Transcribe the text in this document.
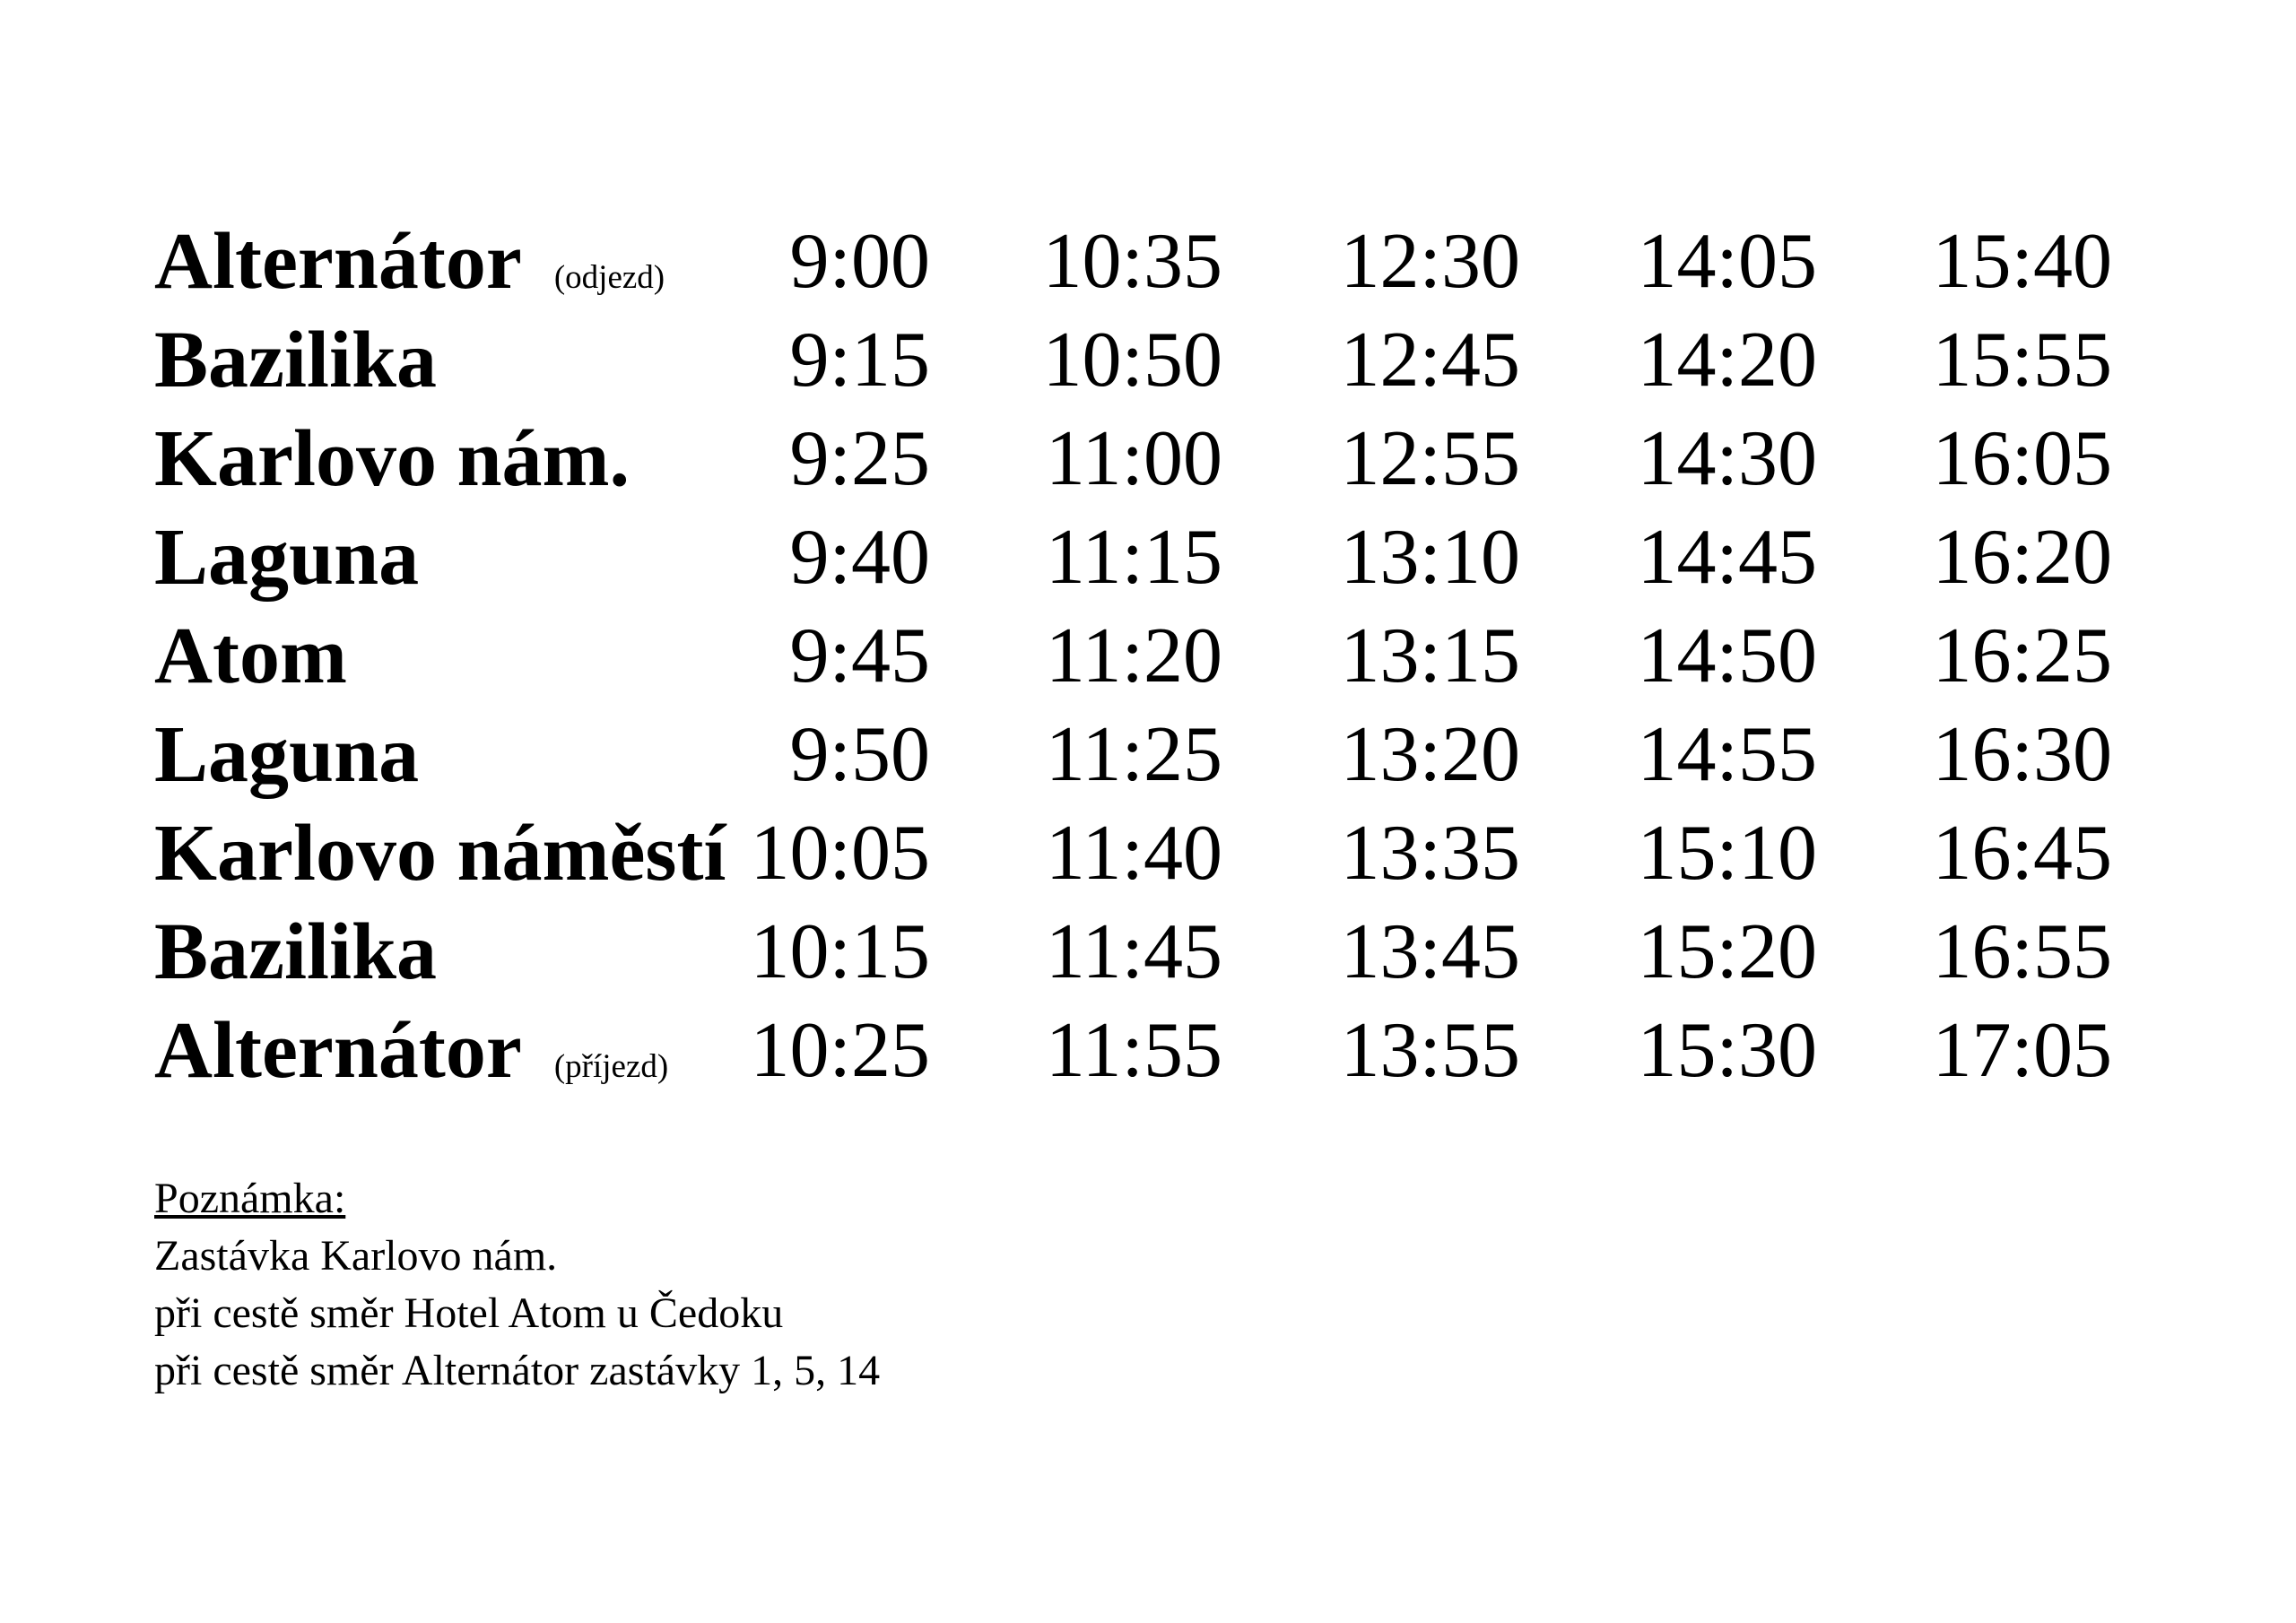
Alternátor (odjezd)	9:00	10:35	12:30	14:05	15:40
Bazilika	9:15	10:50	12:45	14:20	15:55
Karlovo nám.	9:25	11:00	12:55	14:30	16:05
Laguna	9:40	11:15	13:10	14:45	16:20
Atom	9:45	11:20	13:15	14:50	16:25
Laguna	9:50	11:25	13:20	14:55	16:30
Karlovo náměstí 10:05	11:40	13:35	15:10	16:45
Bazilika	10:15	11:45	13:45	15:20	16:55
Alternátor (příjezd)	10:25	11:55	13:55	15:30	17:05
Poznámka:
Zastávka Karlovo nám.
při cestě směr Hotel Atom u Čedoku
při cestě směr Alternátor zastávky 1, 5, 14
